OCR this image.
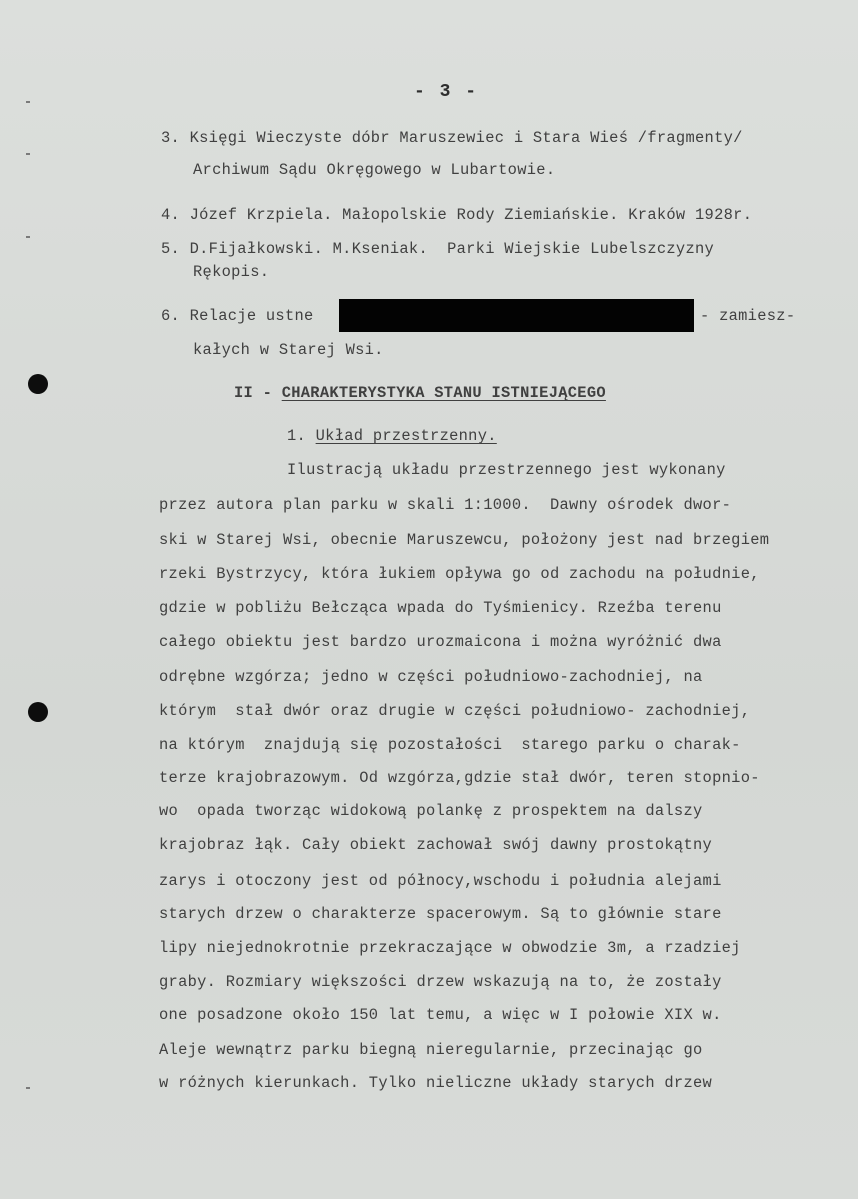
- 3 -
3. Księgi Wieczyste dóbr Maruszewiec i Stara Wieś /fragmenty/
Archiwum Sądu Okręgowego w Lubartowie.
4. Józef Krzpiela. Małopolskie Rody Ziemiańskie. Kraków 1928r.
5. D.Fijałkowski. M.Kseniak.  Parki Wiejskie Lubelszczyzny
Rękopis.
6. Relacje ustne	- zamiesz-
kałych w Starej Wsi.
II - CHARAKTERYSTYKA STANU ISTNIEJĄCEGO
1. Układ przestrzenny.
Ilustracją układu przestrzennego jest wykonany
przez autora plan parku w skali 1:1000.  Dawny ośrodek dwor-
ski w Starej Wsi, obecnie Maruszewcu, położony jest nad brzegiem
rzeki Bystrzycy, która łukiem opływa go od zachodu na południe,
gdzie w pobliżu Bełcząca wpada do Tyśmienicy. Rzeźba terenu
całego obiektu jest bardzo urozmaicona i można wyróżnić dwa
odrębne wzgórza; jedno w części południowo-zachodniej, na
którym  stał dwór oraz drugie w części południowo- zachodniej,
na którym  znajdują się pozostałości  starego parku o charak-
terze krajobrazowym. Od wzgórza,gdzie stał dwór, teren stopnio-
wo  opada tworząc widokową polankę z prospektem na dalszy
krajobraz łąk. Cały obiekt zachował swój dawny prostokątny
zarys i otoczony jest od północy,wschodu i południa alejami
starych drzew o charakterze spacerowym. Są to głównie stare
lipy niejednokrotnie przekraczające w obwodzie 3m, a rzadziej
graby. Rozmiary większości drzew wskazują na to, że zostały
one posadzone około 150 lat temu, a więc w I połowie XIX w.
Aleje wewnątrz parku biegną nieregularnie, przecinając go
w różnych kierunkach. Tylko nieliczne układy starych drzew
